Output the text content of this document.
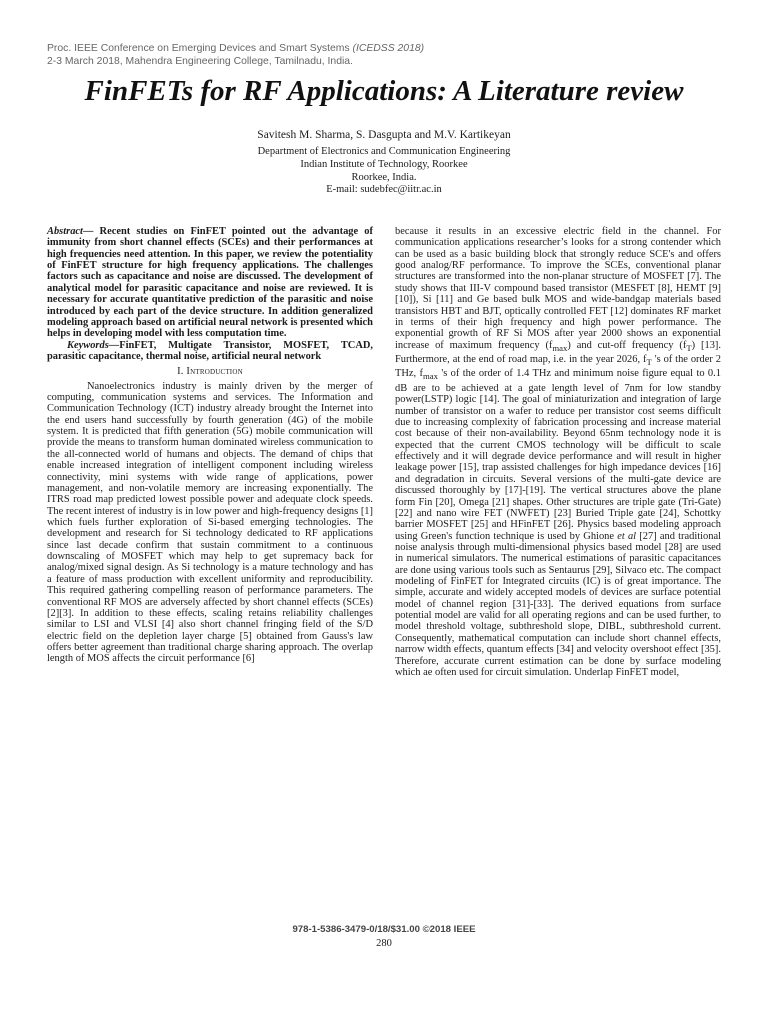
Proc. IEEE Conference on Emerging Devices and Smart Systems (ICEDSS 2018)
2-3 March 2018, Mahendra Engineering College, Tamilnadu, India.
FinFETs for RF Applications: A Literature review
Savitesh M. Sharma, S. Dasgupta and M.V. Kartikeyan
Department of Electronics and Communication Engineering
Indian Institute of Technology, Roorkee
Roorkee, India.
E-mail: sudebfec@iitr.ac.in

Abstract— Recent studies on FinFET pointed out the advantage of immunity from short channel effects (SCEs) and their performances at high frequencies need attention. In this paper, we review the potentiality of FinFET structure for high frequency applications. The challenges factors such as capacitance and noise are discussed. The development of analytical model for parasitic capacitance and noise are reviewed. It is necessary for accurate quantitative prediction of the parasitic and noise introduced by each part of the device structure. In addition generalized modeling approach based on artificial neural network is presented which helps in developing model with less computation time.

Keywords—FinFET, Multigate Transistor, MOSFET, TCAD, parasitic capacitance, thermal noise, artificial neural network

I. Introduction

Nanoelectronics industry is mainly driven by the merger of computing, communication systems and services. The Information and Communication Technology (ICT) industry already brought the Internet into the end users hand successfully by fourth generation (4G) of the mobile system. It is predicted that fifth generation (5G) mobile communication will provide the means to transform human dominated wireless communication to the all-connected world of humans and objects. The demand of chips that enable increased integration of intelligent component including wireless connectivity, mini systems with wide range of applications, power management, and non-volatile memory are increasing exponentially. The ITRS road map predicted lowest possible power and adequate clock speeds. The recent interest of industry is in low power and high-frequency designs [1] which fuels further exploration of Si-based emerging technologies. The development and research for Si technology dedicated to RF applications since last decade confirm that sustain commitment to a continuous downscaling of MOSFET which may help to get supremacy back for analog/mixed signal design. As Si technology is a mature technology and has a feature of mass production with excellent uniformity and reproducibility. This required gathering compelling reason of performance parameters. The conventional RF MOS are adversely affected by short channel effects (SCEs) [2][3]. In addition to these effects, scaling retains reliability challenges similar to LSI and VLSI [4] also short channel fringing field of the S/D electric field on the depletion layer charge [5] obtained from Gauss's law offers better agreement than traditional charge sharing approach. The overlap length of MOS affects the circuit performance [6]

because it results in an excessive electric field in the channel. For communication applications researcher’s looks for a strong contender which can be used as a basic building block that strongly reduce SCE's and offers good analog/RF performance. To improve the SCEs, conventional planar structures are transformed into the non-planar structure of MOSFET [7]. The study shows that III-V compound based transistor (MESFET [8], HEMT [9][10]), Si [11] and Ge based bulk MOS and wide-bandgap materials based transistors HBT and BJT, optically controlled FET [12] dominates RF market in terms of their high frequency and high power performance. The exponential growth of RF Si MOS after year 2000 shows an exponential increase of maximum frequency $(f_{max})$ and cut-off frequency $(f_T)$ [13]. Furthermore, at the end of road map, i.e. in the year 2026, $f_T$ 's of the order 2 THz, $f_{max}$ 's of the order of 1.4 THz and minimum noise figure equal to 0.1 dB are to be achieved at a gate length level of 7nm for low standby power(LSTP) logic [14]. The goal of miniaturization and integration of large number of transistor on a wafer to reduce per transistor cost seems difficult due to increasing complexity of fabrication processing and increase material cost because of their non-availability. Beyond 65nm technology node it is expected that the current CMOS technology will be difficult to scale effectively and it will degrade device performance and will result in higher leakage power [15], trap assisted challenges for high impedance devices [16] and degradation in circuits. Several versions of the multi-gate device are discussed thoroughly by [17]-[19]. The vertical structures above the plane form Fin [20], Omega [21] shapes. Other structures are triple gate (Tri-Gate) [22] and nano wire FET (NWFET) [23] Buried Triple gate [24], Schottky barrier MOSFET [25] and HFinFET [26]. Physics based modeling approach using Green's function technique is used by Ghione et al [27] and traditional noise analysis through multi-dimensional physics based model [28] are used in numerical simulators. The numerical estimations of parasitic capacitances are done using various tools such as Sentaurus [29], Silvaco etc. The compact modeling of FinFET for Integrated circuits (IC) is of great importance. The simple, accurate and widely accepted models of devices are surface potential model of channel region [31]-[33]. The derived equations from surface potential model are valid for all operating regions and can be used further, to model threshold voltage, subthreshold slope, DIBL, subthreshold current. Consequently, mathematical computation can include short channel effects, narrow width effects, quantum effects [34] and velocity overshoot effect [35]. Therefore, accurate current estimation can be done by surface modeling which ae often used for circuit simulation. Underlap FinFET model,

978-1-5386-3479-0/18/$31.00 ©2018 IEEE
280
